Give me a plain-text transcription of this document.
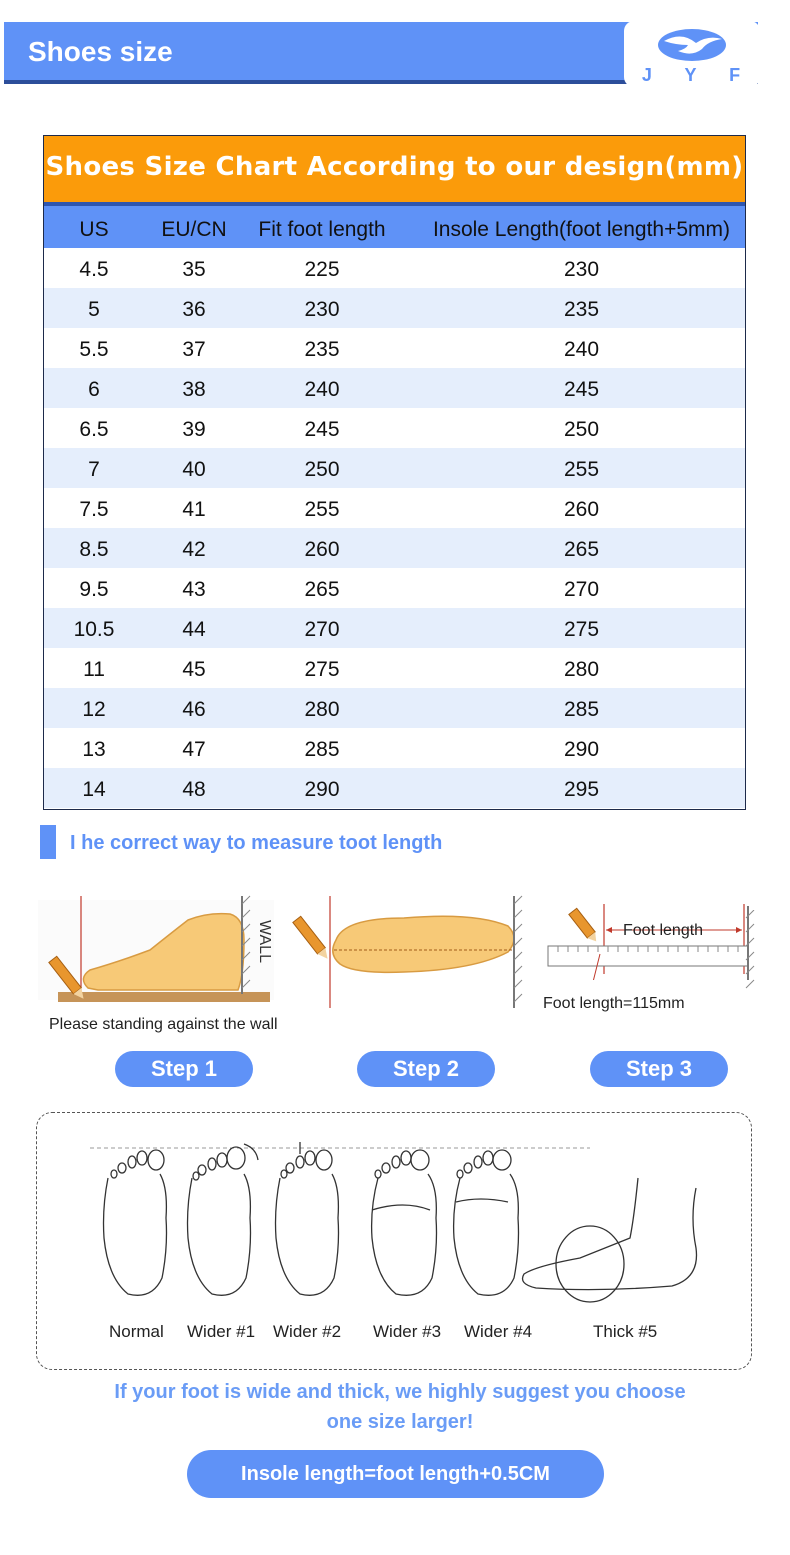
Shoes size
J Y F
Shoes Size Chart According to our design(mm)
US	EU/CN	Fit foot length	Insole Length(foot length+5mm)
4.5	35	225	230
5	36	230	235
5.5	37	235	240
6	38	240	245
6.5	39	245	250
7	40	250	255
7.5	41	255	260
8.5	42	260	265
9.5	43	265	270
10.5	44	270	275
11	45	275	280
12	46	280	285
13	47	285	290
14	48	290	295
I he correct way to measure toot length
WALL
Please standing against the wall
Foot length
Foot length=115mm
Step 1	Step 2	Step 3
Normal Wider #1 Wider #2 Wider #3 Wider #4	Thick #5
If your foot is wide and thick, we highly suggest you choose
one size larger!
Insole length=foot length+0.5CM
